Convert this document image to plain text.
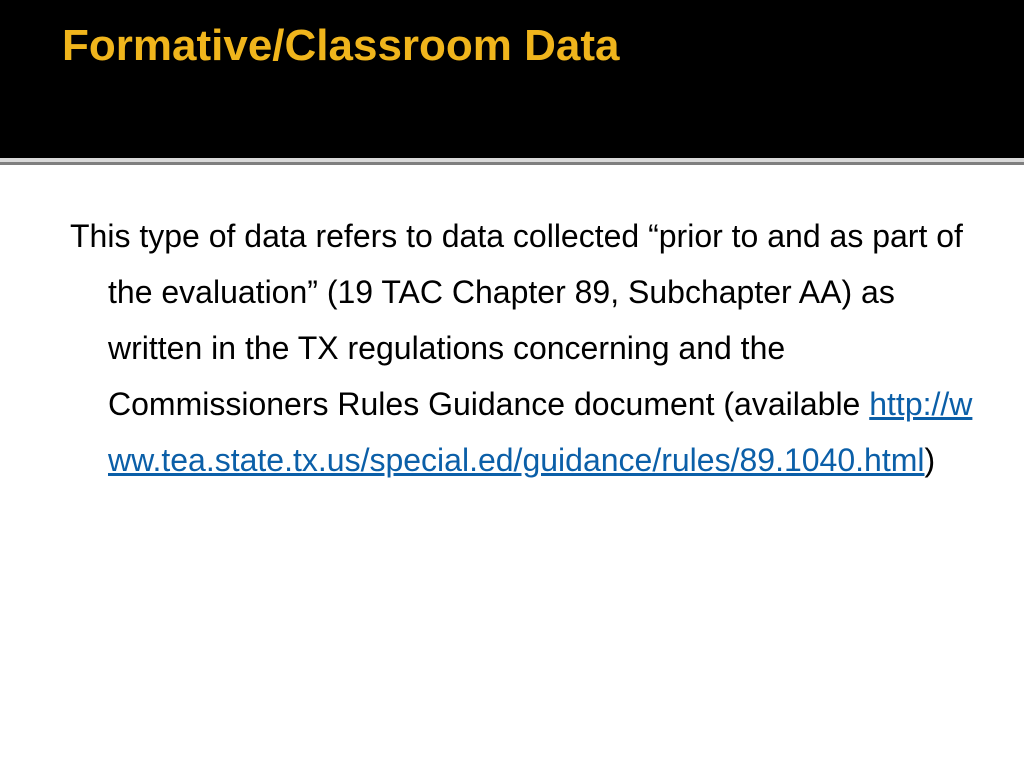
Formative/Classroom Data

This type of data refers to data collected “prior to and as part of the evaluation” (19 TAC Chapter 89, Subchapter AA) as written in the TX regulations concerning and the Commissioners Rules Guidance document (available http://www.tea.state.tx.us/special.ed/guidance/rules/89.1040.html)
